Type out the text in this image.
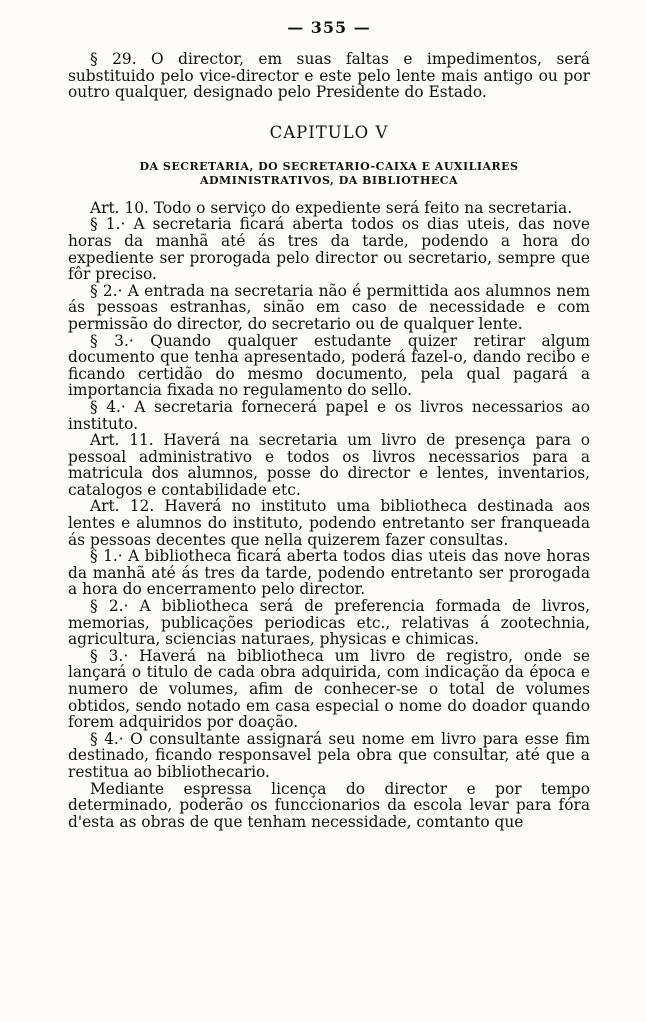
— 355 —

§ 29. O director, em suas faltas e impedimentos, será substituido pelo vice-director e este pelo lente mais antigo ou por outro qualquer, designado pelo Presidente do Estado.

CAPITULO V
DA SECRETARIA, DO SECRETARIO-CAIXA E AUXILIARES
ADMINISTRATIVOS, DA BIBLIOTHECA

Art. 10. Todo o serviço do expediente será feito na secretaria.

§ 1.· A secretaria ficará aberta todos os dias uteis, das nove horas da manhã até ás tres da tarde, podendo a hora do expediente ser prorogada pelo director ou secretario, sempre que fôr preciso.

§ 2.· A entrada na secretaria não é permittida aos alumnos nem ás pessoas estranhas, sinão em caso de necessidade e com permissão do director, do secretario ou de qualquer lente.

§ 3.· Quando qualquer estudante quizer retirar algum documento que tenha apresentado, poderá fazel-o, dando recibo e ficando certidão do mesmo documento, pela qual pagará a importancia fixada no regulamento do sello.

§ 4.· A secretaria fornecerá papel e os livros necessarios ao instituto.

Art. 11. Haverá na secretaria um livro de presença para o pessoal administrativo e todos os livros necessarios para a matricula dos alumnos, posse do director e lentes, inventarios, catalogos e contabilidade etc.

Art. 12. Haverá no instituto uma bibliotheca destinada aos lentes e alumnos do instituto, podendo entretanto ser franqueada ás pessoas decentes que nella quizerem fazer consultas.

§ 1.· A bibliotheca ficará aberta todos dias uteis das nove horas da manhã até ás tres da tarde, podendo entretanto ser prorogada a hora do encerramento pelo director.

§ 2.· A bibliotheca será de preferencia formada de livros, memorias, publicações periodicas etc., relativas á zootechnia, agricultura, sciencias naturaes, physicas e chimicas.

§ 3.· Haverá na bibliotheca um livro de registro, onde se lançará o titulo de cada obra adquirida, com indicação da época e numero de volumes, afim de conhecer-se o total de volumes obtidos, sendo notado em casa especial o nome do doador quando forem adquiridos por doação.

§ 4.· O consultante assignará seu nome em livro para esse fim destinado, ficando responsavel pela obra que consultar, até que a restitua ao bibliothecario.

Mediante espressa licença do director e por tempo determinado, poderão os funccionarios da escola levar para fóra d'esta as obras de que tenham necessidade, comtanto que
